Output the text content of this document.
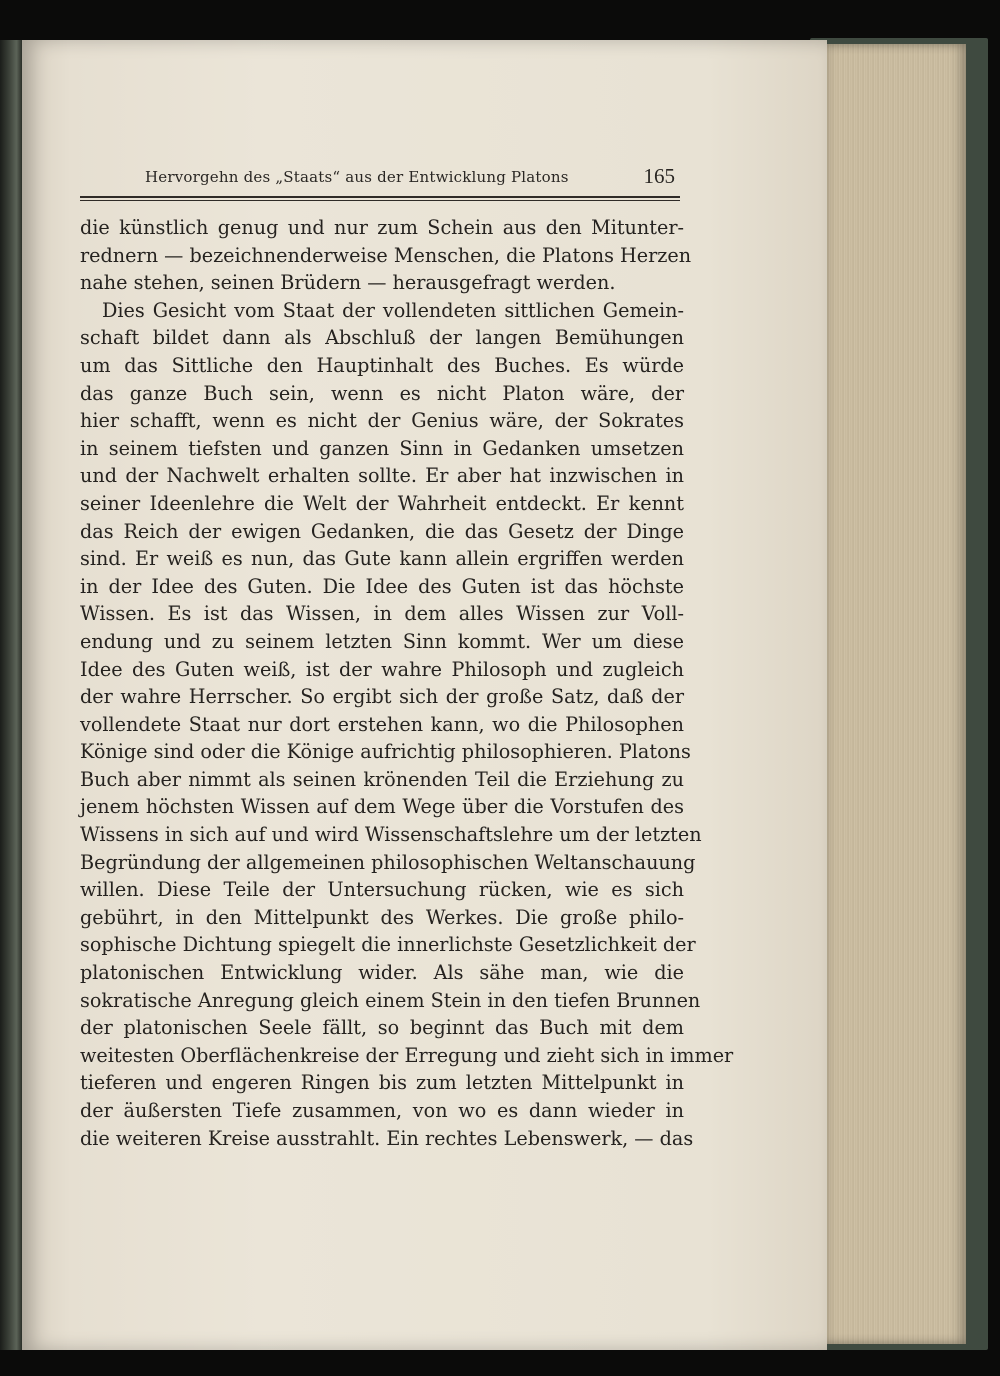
Hervorgehn des „Staats“ aus der Entwicklung Platons	165
die künstlich genug und nur zum Schein aus den Mitunter-
rednern — bezeichnenderweise Menschen, die Platons Herzen
nahe stehen, seinen Brüdern — herausgefragt werden.
Dies Gesicht vom Staat der vollendeten sittlichen Gemein-
schaft bildet dann als Abschluß der langen Bemühungen
um das Sittliche den Hauptinhalt des Buches. Es würde
das ganze Buch sein, wenn es nicht Platon wäre, der
hier schafft, wenn es nicht der Genius wäre, der Sokrates
in seinem tiefsten und ganzen Sinn in Gedanken umsetzen
und der Nachwelt erhalten sollte. Er aber hat inzwischen in
seiner Ideenlehre die Welt der Wahrheit entdeckt. Er kennt
das Reich der ewigen Gedanken, die das Gesetz der Dinge
sind. Er weiß es nun, das Gute kann allein ergriffen werden
in der Idee des Guten. Die Idee des Guten ist das höchste
Wissen. Es ist das Wissen, in dem alles Wissen zur Voll-
endung und zu seinem letzten Sinn kommt. Wer um diese
Idee des Guten weiß, ist der wahre Philosoph und zugleich
der wahre Herrscher. So ergibt sich der große Satz, daß der
vollendete Staat nur dort erstehen kann, wo die Philosophen
Könige sind oder die Könige aufrichtig philosophieren. Platons
Buch aber nimmt als seinen krönenden Teil die Erziehung zu
jenem höchsten Wissen auf dem Wege über die Vorstufen des
Wissens in sich auf und wird Wissenschaftslehre um der letzten
Begründung der allgemeinen philosophischen Weltanschauung
willen. Diese Teile der Untersuchung rücken, wie es sich
gebührt, in den Mittelpunkt des Werkes. Die große philo-
sophische Dichtung spiegelt die innerlichste Gesetzlichkeit der
platonischen Entwicklung wider. Als sähe man, wie die
sokratische Anregung gleich einem Stein in den tiefen Brunnen
der platonischen Seele fällt, so beginnt das Buch mit dem
weitesten Oberflächenkreise der Erregung und zieht sich in immer
tieferen und engeren Ringen bis zum letzten Mittelpunkt in
der äußersten Tiefe zusammen, von wo es dann wieder in
die weiteren Kreise ausstrahlt. Ein rechtes Lebenswerk, — das
